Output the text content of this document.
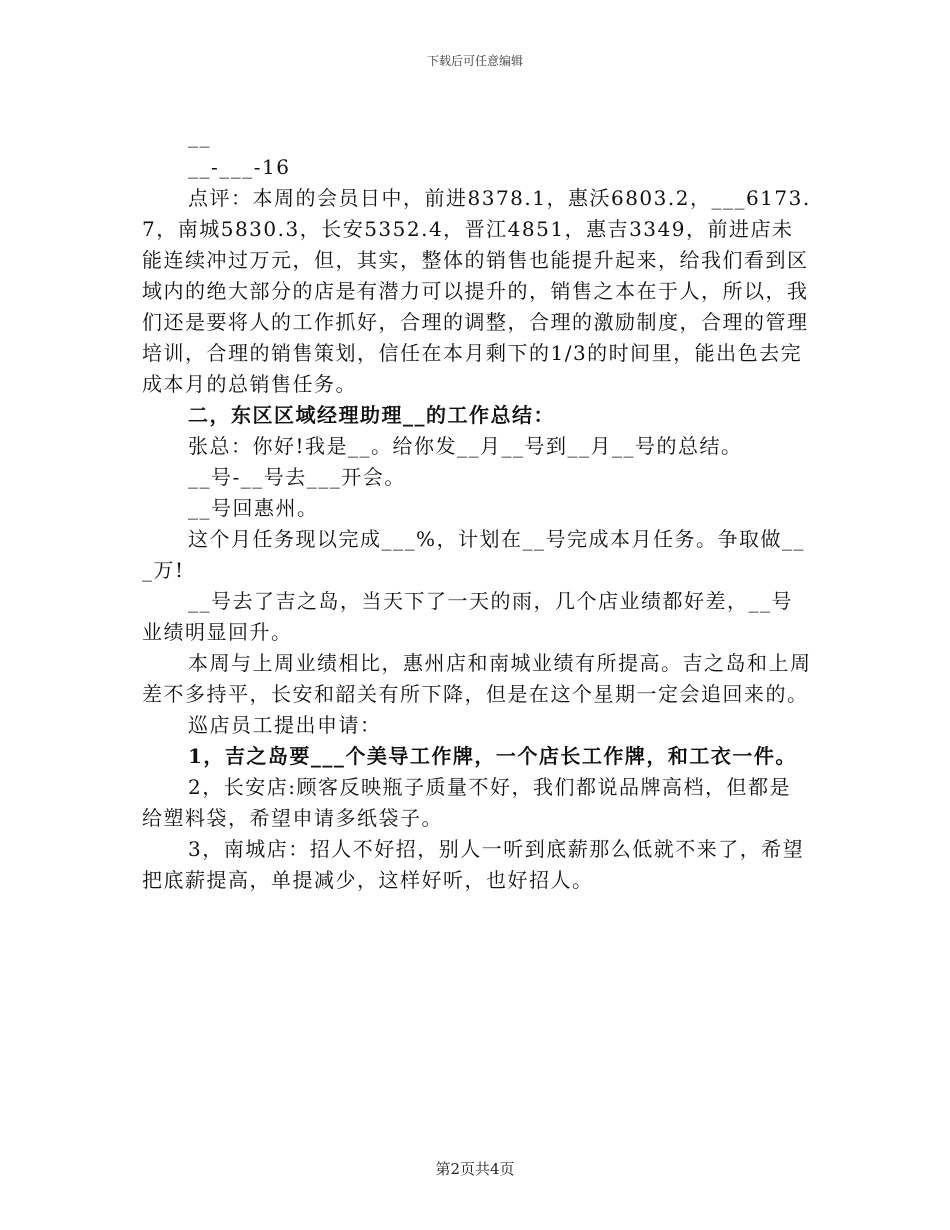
下载后可任意编辑

__

__-___-16

点评：本周的会员日中，前进8378.1，惠沃6803.2，___6173.7，南城5830.3，长安5352.4，晋江4851，惠吉3349，前进店未能连续冲过万元，但，其实，整体的销售也能提升起来，给我们看到区域内的绝大部分的店是有潜力可以提升的，销售之本在于人，所以，我们还是要将人的工作抓好，合理的调整，合理的激励制度，合理的管理培训，合理的销售策划，信任在本月剩下的1/3的时间里，能出色去完成本月的总销售任务。

二，东区区域经理助理__的工作总结：

张总：你好!我是__。给你发__月__号到__月__号的总结。

__号-__号去___开会。

__号回惠州。

这个月任务现以完成___%，计划在__号完成本月任务。争取做___万!

__号去了吉之岛，当天下了一天的雨，几个店业绩都好差，__号业绩明显回升。

本周与上周业绩相比，惠州店和南城业绩有所提高。吉之岛和上周差不多持平，长安和韶关有所下降，但是在这个星期一定会追回来的。

巡店员工提出申请：

1，吉之岛要___个美导工作牌，一个店长工作牌，和工衣一件。

2，长安店:顾客反映瓶子质量不好，我们都说品牌高档，但都是给塑料袋，希望申请多纸袋子。

3，南城店：招人不好招，别人一听到底薪那么低就不来了，希望把底薪提高，单提减少，这样好听，也好招人。

第2页共4页
